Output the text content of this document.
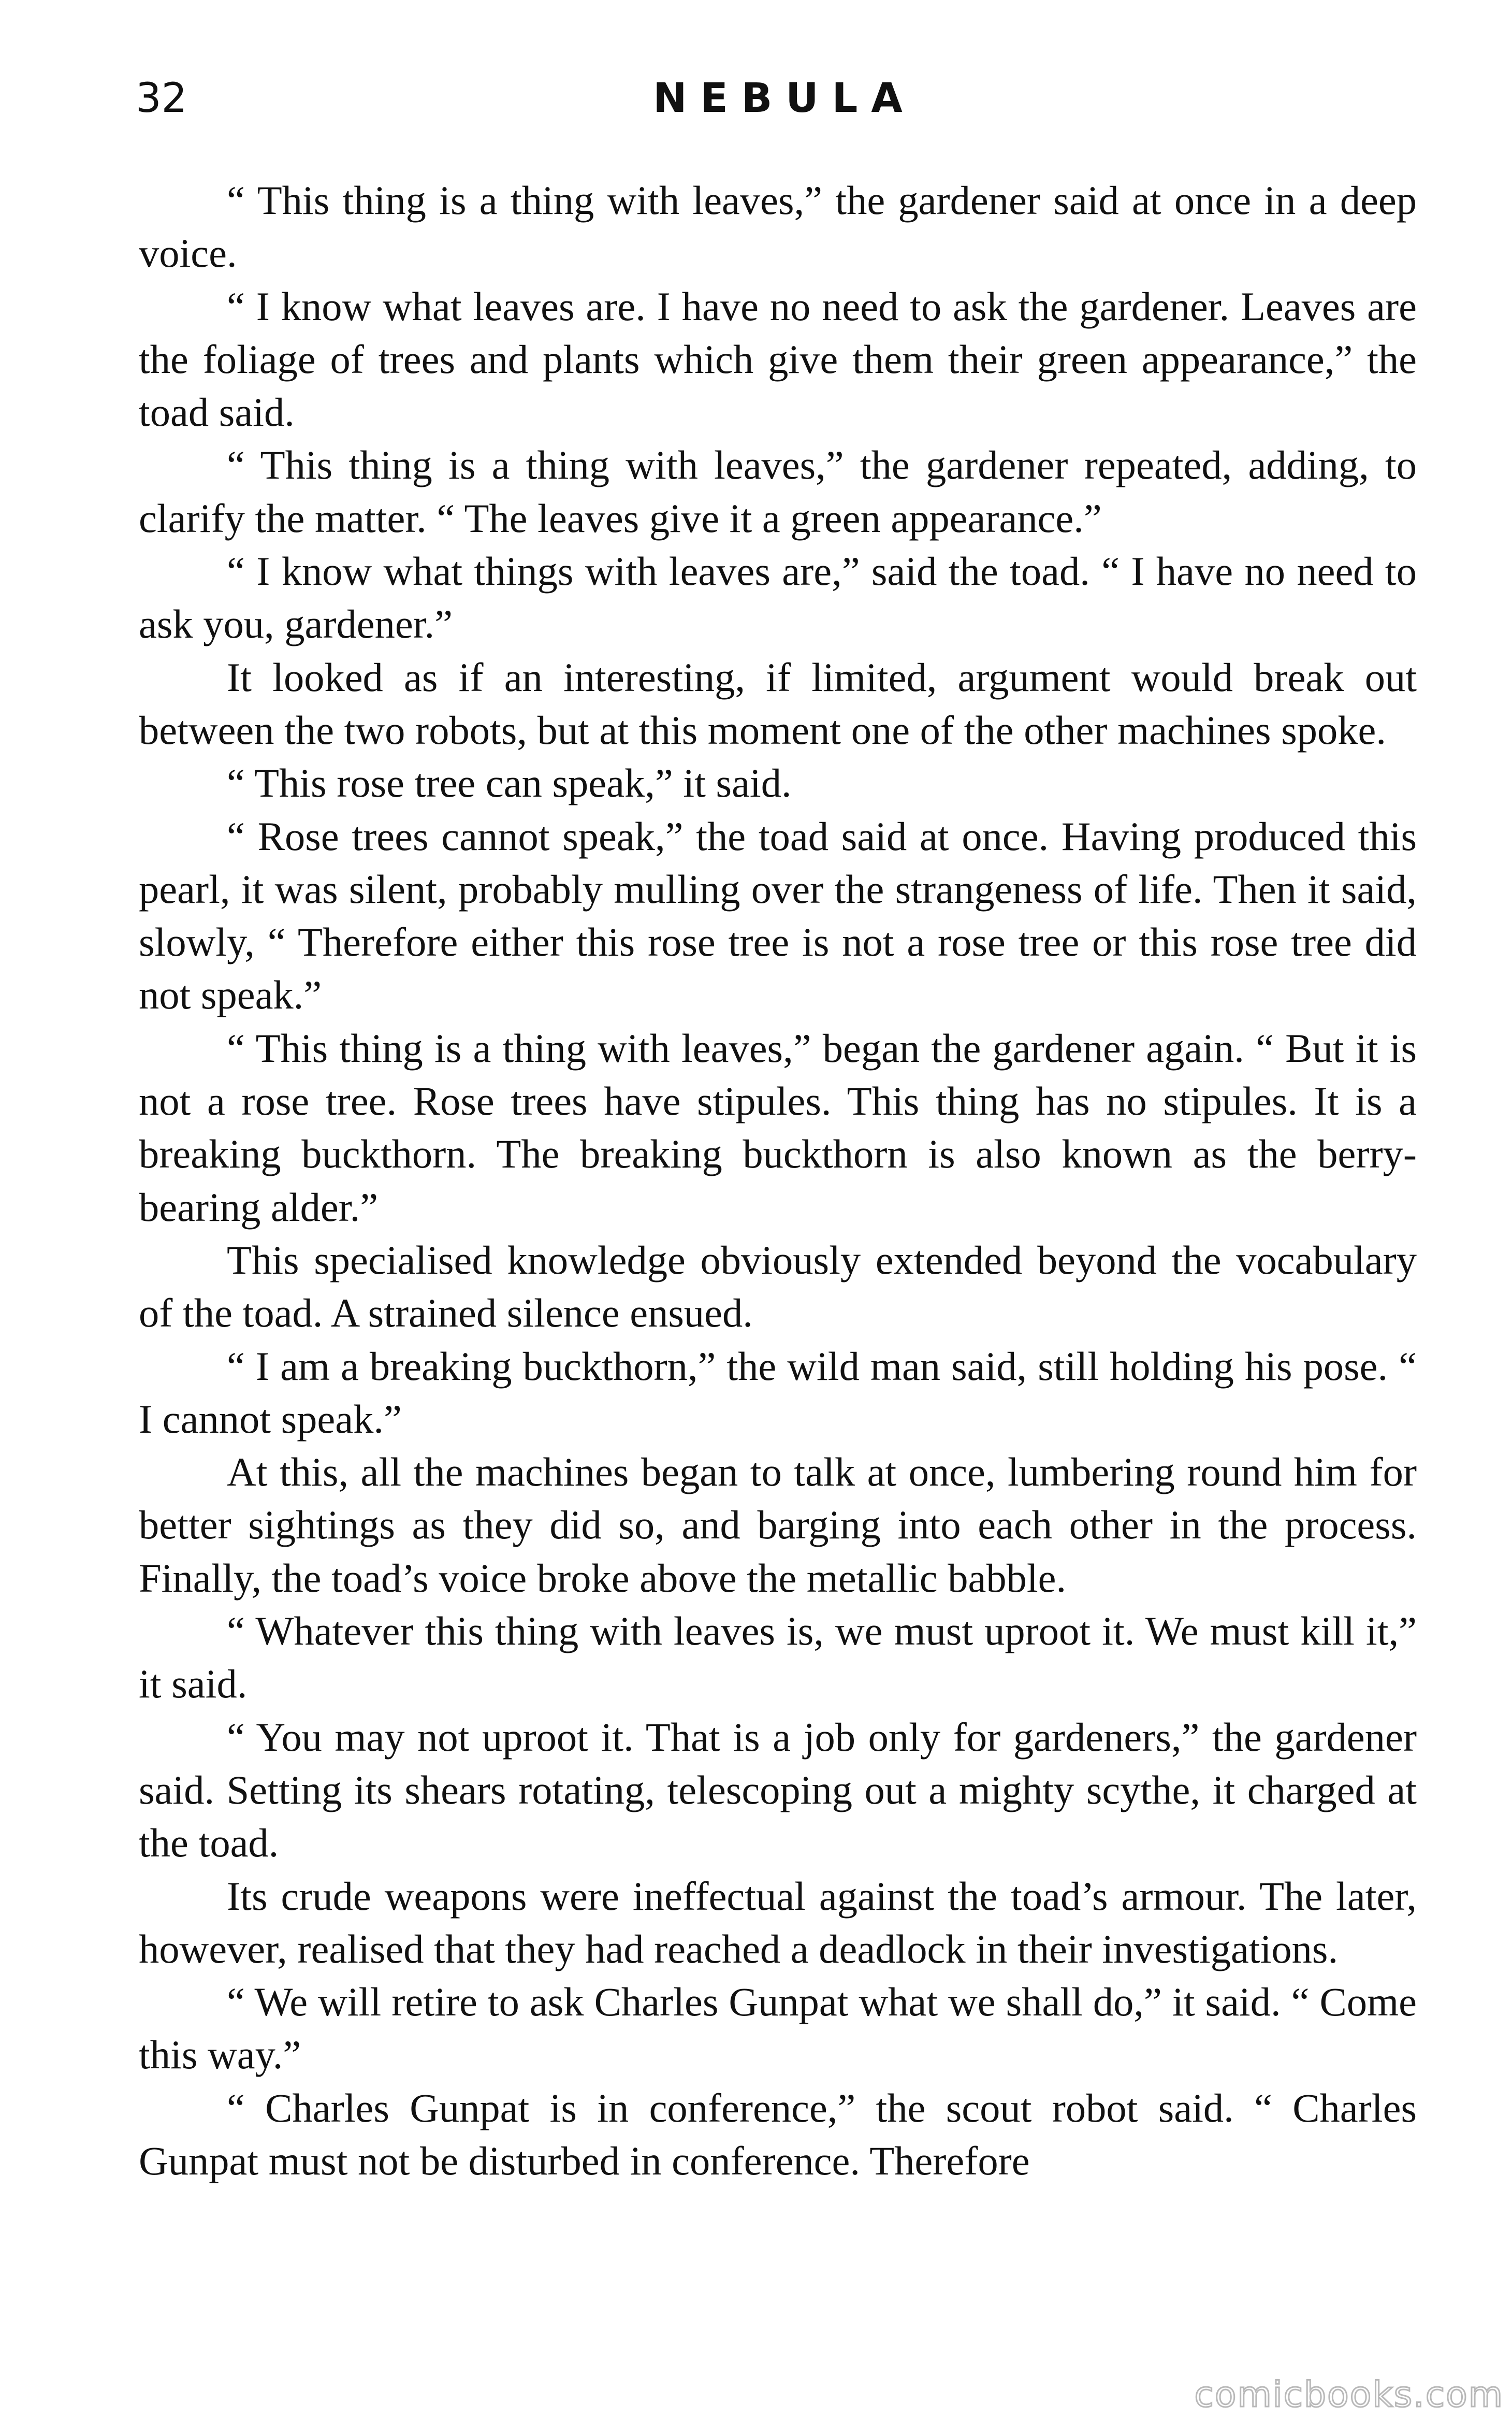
32	NEBULA

“ This thing is a thing with leaves,” the gardener said at once in a deep voice.

“ I know what leaves are. I have no need to ask the gardener. Leaves are the foliage of trees and plants which give them their green appearance,” the toad said.

“ This thing is a thing with leaves,” the gardener repeated, adding, to clarify the matter. “ The leaves give it a green appearance.”

“ I know what things with leaves are,” said the toad. “ I have no need to ask you, gardener.”

It looked as if an interesting, if limited, argument would break out between the two robots, but at this moment one of the other machines spoke.

“ This rose tree can speak,” it said.

“ Rose trees cannot speak,” the toad said at once. Having produced this pearl, it was silent, probably mulling over the strangeness of life. Then it said, slowly, “ Therefore either this rose tree is not a rose tree or this rose tree did not speak.”

“ This thing is a thing with leaves,” began the gardener again. “ But it is not a rose tree. Rose trees have stipules. This thing has no stipules. It is a breaking buckthorn. The breaking buckthorn is also known as the berry-bearing alder.”

This specialised knowledge obviously extended beyond the vocabulary of the toad. A strained silence ensued.

“ I am a breaking buckthorn,” the wild man said, still holding his pose. “ I cannot speak.”

At this, all the machines began to talk at once, lumbering round him for better sightings as they did so, and barging into each other in the process. Finally, the toad’s voice broke above the metallic babble.

“ Whatever this thing with leaves is, we must uproot it. We must kill it,” it said.

“ You may not uproot it. That is a job only for gardeners,” the gardener said. Setting its shears rotating, telescoping out a mighty scythe, it charged at the toad.

Its crude weapons were ineffectual against the toad’s armour. The later, however, realised that they had reached a deadlock in their investigations.

“ We will retire to ask Charles Gunpat what we shall do,” it said. “ Come this way.”

“ Charles Gunpat is in conference,” the scout robot said. “ Charles Gunpat must not be disturbed in conference. Therefore

comicbooks.com
